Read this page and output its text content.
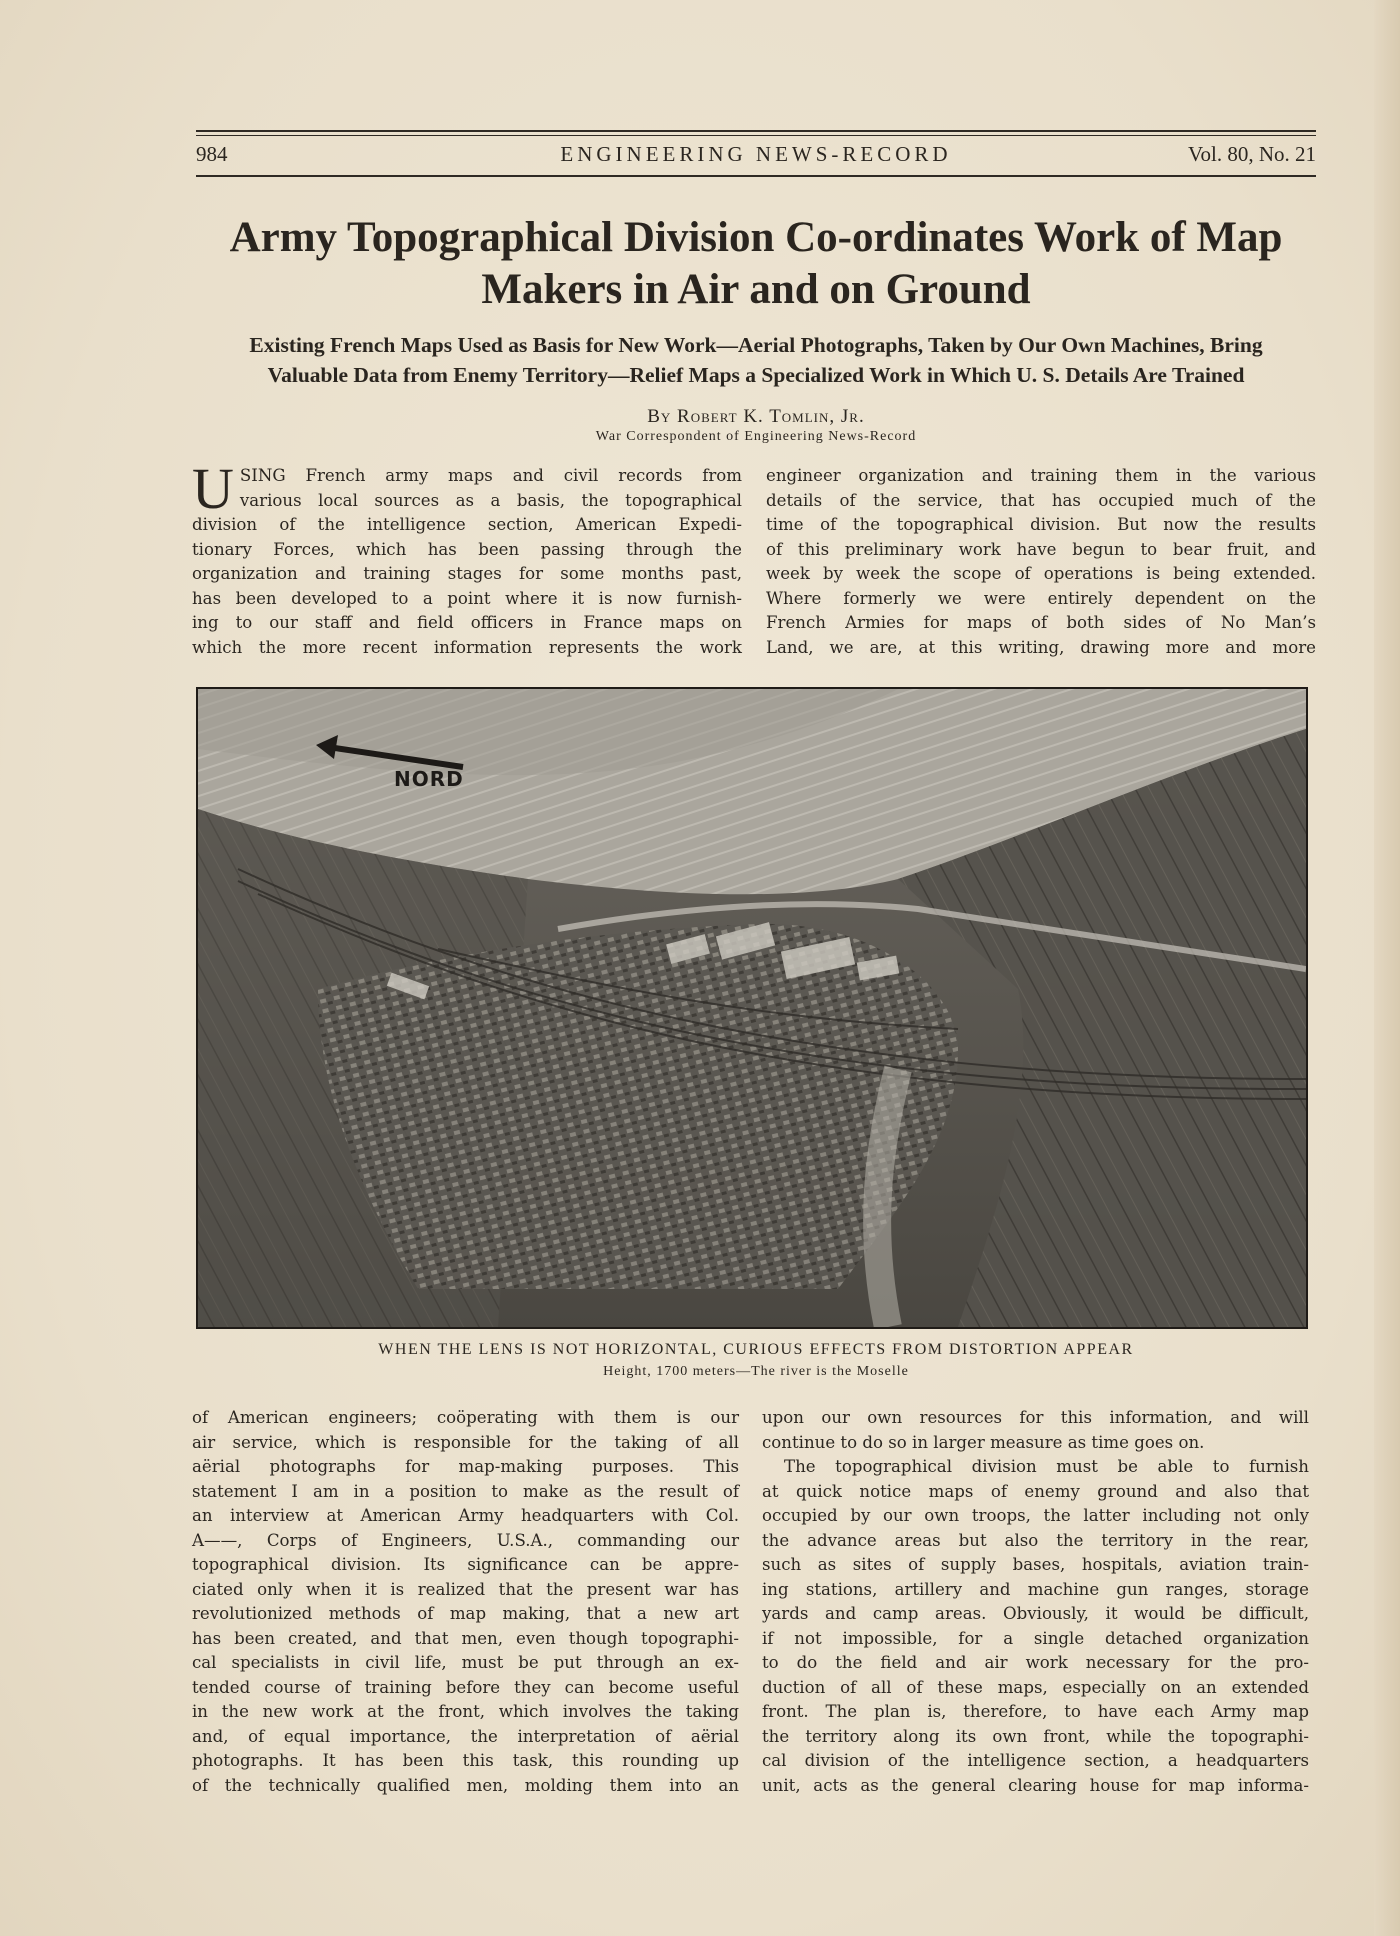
984	ENGINEERING NEWS-RECORD	Vol. 80, No. 21
Army Topographical Division Co-ordinates Work of Map
Makers in Air and on Ground
Existing French Maps Used as Basis for New Work—Aerial Photographs, Taken by Our Own Machines, Bring
Valuable Data from Enemy Territory—Relief Maps a Specialized Work in Which U. S. Details Are Trained
By Robert K. Tomlin, Jr.
War Correspondent of Engineering News-Record
U SING French army maps and civil records from
various local sources as a basis, the topographical
division of the intelligence section, American Expedi-
tionary Forces, which has been passing through the
organization and training stages for some months past,
has been developed to a point where it is now furnish-
ing to our staff and field officers in France maps on
which the more recent information represents the work
engineer organization and training them in the various
details of the service, that has occupied much of the
time of the topographical division. But now the results
of this preliminary work have begun to bear fruit, and
week by week the scope of operations is being extended.
Where formerly we were entirely dependent on the
French Armies for maps of both sides of No Man’s
Land, we are, at this writing, drawing more and more
NORD
WHEN THE LENS IS NOT HORIZONTAL, CURIOUS EFFECTS FROM DISTORTION APPEAR
Height, 1700 meters—The river is the Moselle
of American engineers; coöperating with them is our
air service, which is responsible for the taking of all
aërial photographs for map-making purposes. This
statement I am in a position to make as the result of
an interview at American Army headquarters with Col.
A——, Corps of Engineers, U.S.A., commanding our
topographical division. Its significance can be appre-
ciated only when it is realized that the present war has
revolutionized methods of map making, that a new art
has been created, and that men, even though topographi-
cal specialists in civil life, must be put through an ex-
tended course of training before they can become useful
in the new work at the front, which involves the taking
and, of equal importance, the interpretation of aërial
photographs. It has been this task, this rounding up
of the technically qualified men, molding them into an
upon our own resources for this information, and will
continue to do so in larger measure as time goes on.
The topographical division must be able to furnish
at quick notice maps of enemy ground and also that
occupied by our own troops, the latter including not only
the advance areas but also the territory in the rear,
such as sites of supply bases, hospitals, aviation train-
ing stations, artillery and machine gun ranges, storage
yards and camp areas. Obviously, it would be difficult,
if not impossible, for a single detached organization
to do the field and air work necessary for the pro-
duction of all of these maps, especially on an extended
front. The plan is, therefore, to have each Army map
the territory along its own front, while the topographi-
cal division of the intelligence section, a headquarters
unit, acts as the general clearing house for map informa-
